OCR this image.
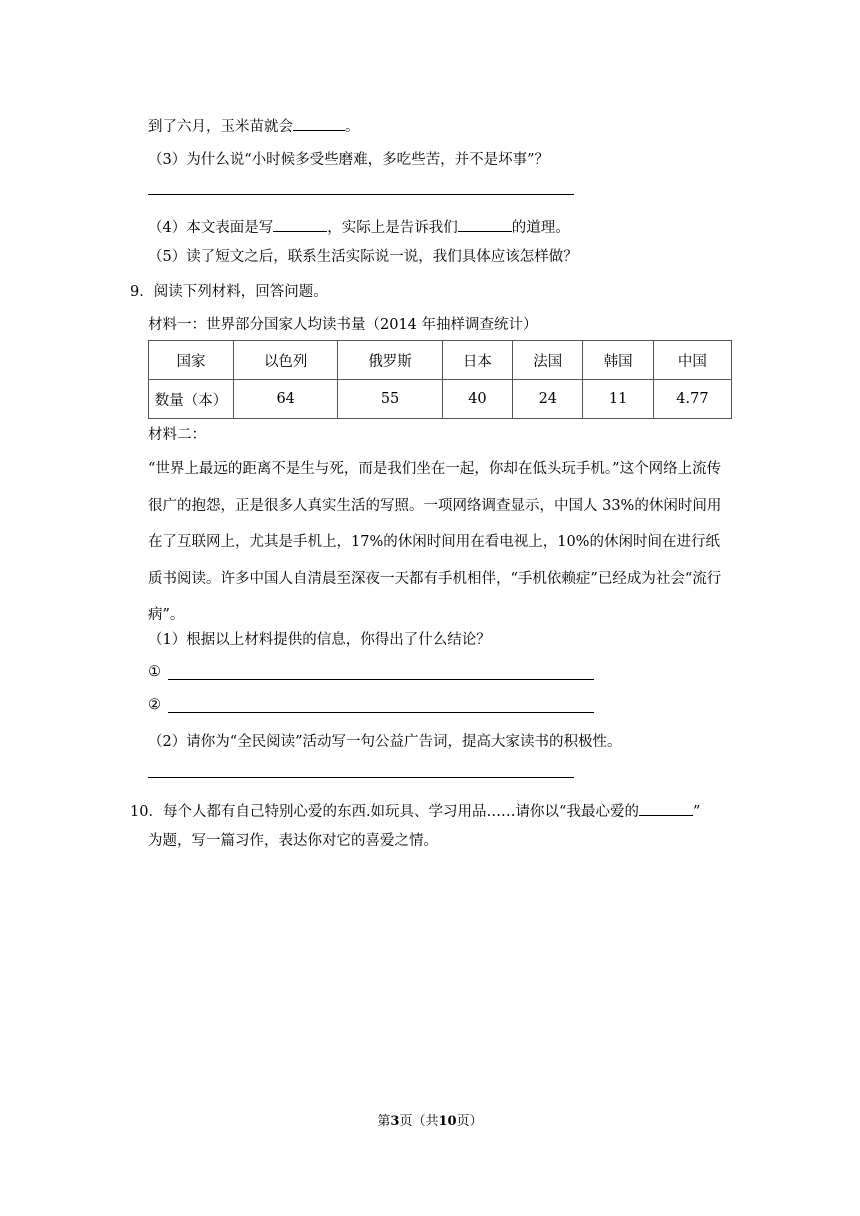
到了六月，玉米苗就会	。
（3）为什么说“小时候多受些磨难，多吃些苦，并不是坏事”？
（4）本文表面是写	，实际上是告诉我们	的道理。
（5）读了短文之后，联系生活实际说一说，我们具体应该怎样做？
9．阅读下列材料，回答问题。
材料一：世界部分国家人均读书量（2014 年抽样调查统计）
国家	以色列	俄罗斯	日本	法国	韩国	中国
数量（本）	64	55	40	24	11	4.77
材料二：
“世界上最远的距离不是生与死，而是我们坐在一起，你却在低头玩手机。”这个网络上流传很广的抱怨，正是很多人真实生活的写照。一项网络调查显示，中国人 33%的休闲时间用在了互联网上，尤其是手机上，17%的休闲时间用在看电视上，10%的休闲时间在进行纸质书阅读。许多中国人自清晨至深夜一天都有手机相伴，“手机依赖症”已经成为社会“流行病”。
（1）根据以上材料提供的信息，你得出了什么结论？
①
②
（2）请你为“全民阅读”活动写一句公益广告词，提高大家读书的积极性。
10．每个人都有自己特别心爱的东西.如玩具、学习用品……请你以“我最心爱的	”
为题，写一篇习作，表达你对它的喜爱之情。
第3页（共10页）
